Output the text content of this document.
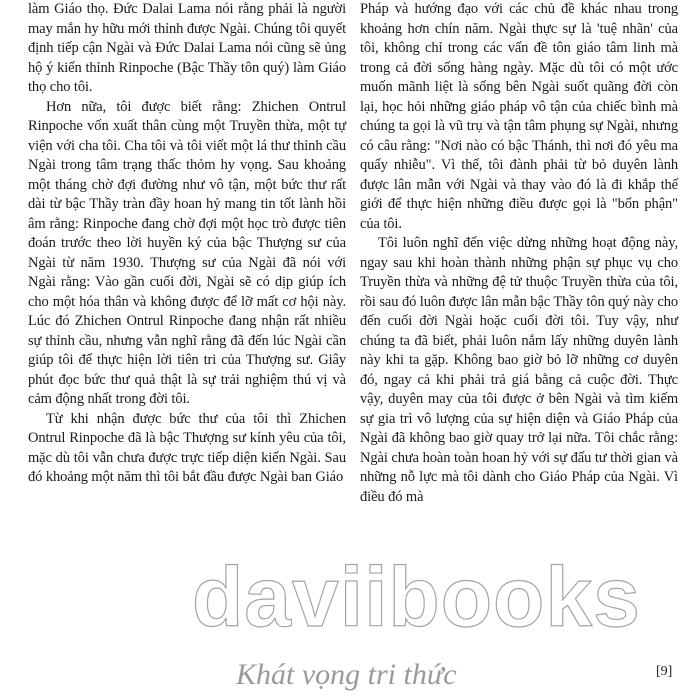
làm Giáo thọ. Đức Dalai Lama nói rằng phải là người may mắn hy hữu mới thỉnh được Ngài. Chúng tôi quyết định tiếp cận Ngài và Đức Dalai Lama nói cũng sẽ ủng hộ ý kiến thỉnh Rinpoche (Bậc Thầy tôn quý) làm Giáo thọ cho tôi.

Hơn nữa, tôi được biết rằng: Zhichen Ontrul Rinpoche vốn xuất thân cùng một Truyền thừa, một tự viện với cha tôi. Cha tôi và tôi viết một lá thư thỉnh cầu Ngài trong tâm trạng thấc thỏm hy vọng. Sau khoảng một tháng chờ đợi đường như vô tận, một bức thư rất dài từ bậc Thầy tràn đầy hoan hỷ mang tin tốt lành hồi âm rằng: Rinpoche đang chờ đợi một học trò được tiên đoán trước theo lời huyền ký của bậc Thượng sư của Ngài từ năm 1930. Thượng sư của Ngài đã nói với Ngài rằng: Vào gần cuối đời, Ngài sẽ có dịp giúp ích cho một hóa thân và không được để lỡ mất cơ hội này. Lúc đó Zhichen Ontrul Rinpoche đang nhận rất nhiều sự thỉnh cầu, nhưng vẫn nghĩ rằng đã đến lúc Ngài cần giúp tôi để thực hiện lời tiên tri của Thượng sư. Giây phút đọc bức thư quả thật là sự trải nghiệm thú vị và cảm động nhất trong đời tôi.

Từ khi nhận được bức thư của tôi thì Zhichen Ontrul Rinpoche đã là bậc Thượng sư kính yêu của tôi, mặc dù tôi vẫn chưa được trực tiếp diện kiến Ngài. Sau đó khoảng một năm thì tôi bắt đầu được Ngài ban Giáo

Pháp và hướng đạo với các chủ đề khác nhau trong khoảng hơn chín năm. Ngài thực sự là 'tuệ nhãn' của tôi, không chỉ trong các vấn đề tôn giáo tâm linh mà trong cả đời sống hàng ngày. Mặc dù tôi có một ước muốn mãnh liệt là sống bên Ngài suốt quãng đời còn lại, học hỏi những giáo pháp vô tận của chiếc bình mà chúng ta gọi là vũ trụ và tận tâm phụng sự Ngài, nhưng có câu rằng: "Nơi nào có bậc Thánh, thì nơi đó yêu ma quấy nhiễu". Vì thế, tôi đành phải từ bỏ duyên lành được lân mẫn với Ngài và thay vào đó là đi khắp thế giới để thực hiện những điều được gọi là "bổn phận" của tôi.

Tôi luôn nghĩ đến việc dừng những hoạt động này, ngay sau khi hoàn thành những phận sự phục vụ cho Truyền thừa và những đệ tử thuộc Truyền thừa của tôi, rồi sau đó luôn được lân mẫn bậc Thầy tôn quý này cho đến cuối đời Ngài hoặc cuối đời tôi. Tuy vậy, như chúng ta đã biết, phải luôn nắm lấy những duyên lành này khi ta gặp. Không bao giờ bỏ lỡ những cơ duyên đó, ngay cả khi phải trả giá bằng cả cuộc đời. Thực vậy, duyên may của tôi được ở bên Ngài và tìm kiếm sự gia trì vô lượng của sự hiện diện và Giáo Pháp của Ngài đã không bao giờ quay trở lại nữa. Tôi chắc rằng: Ngài chưa hoàn toàn hoan hỷ với sự đấu tư thời gian và những nỗ lực mà tôi dành cho Giáo Pháp của Ngài. Vì điều đó mà

daviibooks
Khát vọng tri thức	[9]
